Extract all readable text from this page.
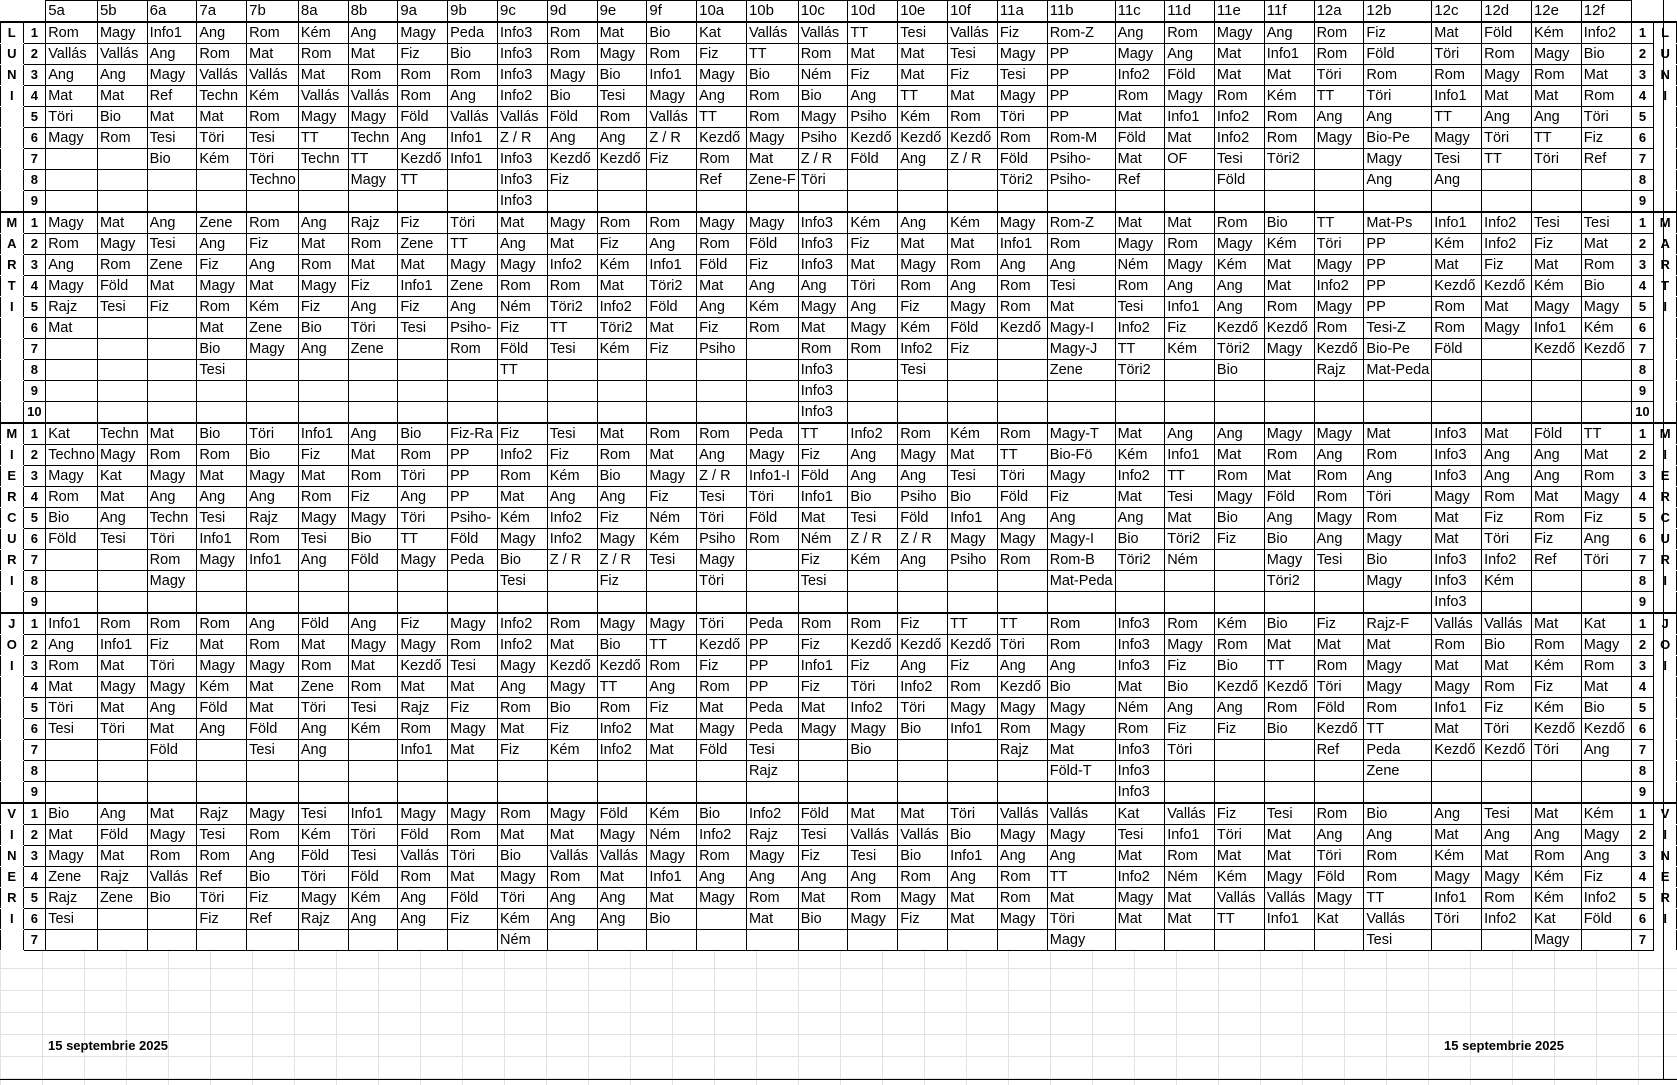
		5a	5b	6a	7a	7b	8a	8b	9a	9b	9c	9d	9e	9f	10a	10b	10c	10d	10e	10f	11a	11b	11c	11d	11e	11f	12a	12b	12c	12d	12e	12f		
L	1	Rom	Magy	Info1	Ang	Rom	Kém	Ang	Magy	Peda	Info3	Rom	Mat	Bio	Kat	Vallás	Vallás	TT	Tesi	Vallás	Fiz	Rom-Z	Ang	Rom	Magy	Ang	Rom	Fiz	Mat	Föld	Kém	Info2	1	L
U	2	Vallás	Vallás	Ang	Rom	Mat	Rom	Mat	Fiz	Bio	Info3	Rom	Magy	Rom	Fiz	TT	Rom	Mat	Mat	Tesi	Magy	PP	Magy	Ang	Mat	Info1	Rom	Föld	Töri	Rom	Magy	Bio	2	U
N	3	Ang	Ang	Magy	Vallás	Vallás	Mat	Rom	Rom	Rom	Info3	Magy	Bio	Info1	Magy	Bio	Ném	Fiz	Mat	Fiz	Tesi	PP	Info2	Föld	Mat	Mat	Töri	Rom	Rom	Magy	Rom	Mat	3	N
I	4	Mat	Mat	Ref	Techn	Kém	Vallás	Vallás	Rom	Ang	Info2	Bio	Tesi	Magy	Ang	Rom	Bio	Ang	TT	Mat	Magy	PP	Rom	Magy	Rom	Kém	TT	Töri	Info1	Mat	Mat	Rom	4	I
	5	Töri	Bio	Mat	Mat	Rom	Magy	Magy	Föld	Vallás	Vallás	Föld	Rom	Vallás	TT	Rom	Magy	Psiho	Kém	Rom	Töri	PP	Mat	Info1	Info2	Rom	Ang	Ang	TT	Ang	Ang	Töri	5	
	6	Magy	Rom	Tesi	Töri	Tesi	TT	Techn	Ang	Info1	Z / R	Ang	Ang	Z / R	Kezdő	Magy	Psiho	Kezdő	Kezdő	Kezdő	Rom	Rom-M	Föld	Mat	Info2	Rom	Magy	Bio-Pe	Magy	Töri	TT	Fiz	6	
	7			Bio	Kém	Töri	Techn	TT	Kezdő	Info1	Info3	Kezdő	Kezdő	Fiz	Rom	Mat	Z / R	Föld	Ang	Z / R	Föld	Psiho-	Mat	OF	Tesi	Töri2		Magy	Tesi	TT	Töri	Ref	7	
	8					Techno		Magy	TT		Info3	Fiz			Ref	Zene-F	Töri				Töri2	Psiho-	Ref		Föld			Ang	Ang				8	
	9										Info3																						9	
M	1	Magy	Mat	Ang	Zene	Rom	Ang	Rajz	Fiz	Töri	Mat	Magy	Rom	Rom	Magy	Magy	Info3	Kém	Ang	Kém	Magy	Rom-Z	Mat	Mat	Rom	Bio	TT	Mat-Ps	Info1	Info2	Tesi	Tesi	1	M
A	2	Rom	Magy	Tesi	Ang	Fiz	Mat	Rom	Zene	TT	Ang	Mat	Fiz	Ang	Rom	Föld	Info3	Fiz	Mat	Mat	Info1	Rom	Magy	Rom	Magy	Kém	Töri	PP	Kém	Info2	Fiz	Mat	2	A
R	3	Ang	Rom	Zene	Fiz	Ang	Rom	Mat	Mat	Magy	Magy	Info2	Kém	Info1	Föld	Fiz	Info3	Mat	Magy	Rom	Ang	Ang	Ném	Magy	Kém	Mat	Magy	PP	Mat	Fiz	Mat	Rom	3	R
T	4	Magy	Föld	Mat	Magy	Mat	Magy	Fiz	Info1	Zene	Rom	Rom	Mat	Töri2	Mat	Ang	Ang	Töri	Rom	Ang	Rom	Tesi	Rom	Ang	Ang	Mat	Info2	PP	Kezdő	Kezdő	Kém	Bio	4	T
I	5	Rajz	Tesi	Fiz	Rom	Kém	Fiz	Ang	Fiz	Ang	Ném	Töri2	Info2	Föld	Ang	Kém	Magy	Ang	Fiz	Magy	Rom	Mat	Tesi	Info1	Ang	Rom	Magy	PP	Rom	Mat	Magy	Magy	5	I
	6	Mat			Mat	Zene	Bio	Töri	Tesi	Psiho-	Fiz	TT	Töri2	Mat	Fiz	Rom	Mat	Magy	Kém	Föld	Kezdő	Magy-I	Info2	Fiz	Kezdő	Kezdő	Rom	Tesi-Z	Rom	Magy	Info1	Kém	6	
	7				Bio	Magy	Ang	Zene		Rom	Föld	Tesi	Kém	Fiz	Psiho		Rom	Rom	Info2	Fiz		Magy-J	TT	Kém	Töri2	Magy	Kezdő	Bio-Pe	Föld		Kezdő	Kezdő	7	
	8				Tesi						TT						Info3		Tesi			Zene	Töri2		Bio		Rajz	Mat-Peda					8	
	9																Info3																9	
	10																Info3																10	
M	1	Kat	Techn	Mat	Bio	Töri	Info1	Ang	Bio	Fiz-Ra	Fiz	Tesi	Mat	Rom	Rom	Peda	TT	Info2	Rom	Kém	Rom	Magy-T	Mat	Ang	Ang	Magy	Magy	Mat	Info3	Mat	Föld	TT	1	M
I	2	Techno	Magy	Rom	Rom	Bio	Fiz	Mat	Rom	PP	Info2	Fiz	Rom	Mat	Ang	Magy	Fiz	Ang	Magy	Mat	TT	Bio-Fö	Kém	Info1	Mat	Rom	Ang	Rom	Info3	Ang	Ang	Mat	2	I
E	3	Magy	Kat	Magy	Mat	Magy	Mat	Rom	Töri	PP	Rom	Kém	Bio	Magy	Z / R	Info1-I	Föld	Ang	Ang	Tesi	Töri	Magy	Info2	TT	Rom	Mat	Rom	Ang	Info3	Ang	Ang	Rom	3	E
R	4	Rom	Mat	Ang	Ang	Ang	Rom	Fiz	Ang	PP	Mat	Ang	Ang	Fiz	Tesi	Töri	Info1	Bio	Psiho	Bio	Föld	Fiz	Mat	Tesi	Magy	Föld	Rom	Töri	Magy	Rom	Mat	Magy	4	R
C	5	Bio	Ang	Techn	Tesi	Rajz	Magy	Magy	Töri	Psiho-	Kém	Info2	Fiz	Ném	Töri	Föld	Mat	Tesi	Föld	Info1	Ang	Ang	Ang	Mat	Bio	Ang	Magy	Rom	Mat	Fiz	Rom	Fiz	5	C
U	6	Föld	Tesi	Töri	Info1	Rom	Tesi	Bio	TT	Föld	Magy	Info2	Magy	Kém	Psiho	Rom	Ném	Z / R	Z / R	Magy	Magy	Magy-I	Bio	Töri2	Fiz	Bio	Ang	Magy	Mat	Töri	Fiz	Ang	6	U
R	7			Rom	Magy	Info1	Ang	Föld	Magy	Peda	Bio	Z / R	Z / R	Tesi	Magy		Fiz	Kém	Ang	Psiho	Rom	Rom-B	Töri2	Ném		Magy	Tesi	Bio	Info3	Info2	Ref	Töri	7	R
I	8			Magy							Tesi		Fiz		Töri		Tesi					Mat-Peda				Töri2		Magy	Info3	Kém			8	I
	9																												Info3				9	
J	1	Info1	Rom	Rom	Rom	Ang	Föld	Ang	Fiz	Magy	Info2	Rom	Magy	Magy	Töri	Peda	Rom	Rom	Fiz	TT	TT	Rom	Info3	Rom	Kém	Bio	Fiz	Rajz-F	Vallás	Vallás	Mat	Kat	1	J
O	2	Ang	Info1	Fiz	Mat	Rom	Mat	Magy	Magy	Rom	Info2	Mat	Bio	TT	Kezdő	PP	Fiz	Kezdő	Kezdő	Kezdő	Töri	Rom	Info3	Magy	Rom	Mat	Mat	Mat	Rom	Bio	Rom	Magy	2	O
I	3	Rom	Mat	Töri	Magy	Magy	Rom	Mat	Kezdő	Tesi	Magy	Kezdő	Kezdő	Rom	Fiz	PP	Info1	Fiz	Ang	Fiz	Ang	Ang	Info3	Fiz	Bio	TT	Rom	Magy	Mat	Mat	Kém	Rom	3	I
	4	Mat	Magy	Magy	Kém	Mat	Zene	Rom	Mat	Mat	Ang	Magy	TT	Ang	Rom	PP	Fiz	Töri	Info2	Rom	Kezdő	Bio	Mat	Bio	Kezdő	Kezdő	Töri	Magy	Magy	Rom	Fiz	Mat	4	
	5	Töri	Mat	Ang	Föld	Mat	Töri	Tesi	Rajz	Fiz	Rom	Bio	Rom	Fiz	Mat	Peda	Mat	Info2	Töri	Magy	Magy	Magy	Ném	Ang	Ang	Rom	Föld	Rom	Info1	Fiz	Kém	Bio	5	
	6	Tesi	Töri	Mat	Ang	Föld	Ang	Kém	Rom	Magy	Mat	Fiz	Info2	Mat	Magy	Peda	Magy	Magy	Bio	Info1	Rom	Magy	Rom	Fiz	Fiz	Bio	Kezdő	TT	Mat	Töri	Kezdő	Kezdő	6	
	7			Föld		Tesi	Ang		Info1	Mat	Fiz	Kém	Info2	Mat	Föld	Tesi		Bio			Rajz	Mat	Info3	Töri			Ref	Peda	Kezdő	Kezdő	Töri	Ang	7	
	8															Rajz						Föld-T	Info3					Zene					8	
	9																						Info3										9	
V	1	Bio	Ang	Mat	Rajz	Magy	Tesi	Info1	Magy	Magy	Rom	Magy	Föld	Kém	Bio	Info2	Föld	Mat	Mat	Töri	Vallás	Vallás	Kat	Vallás	Fiz	Tesi	Rom	Bio	Ang	Tesi	Mat	Kém	1	V
I	2	Mat	Föld	Magy	Tesi	Rom	Kém	Töri	Föld	Rom	Mat	Mat	Magy	Ném	Info2	Rajz	Tesi	Vallás	Vallás	Bio	Magy	Magy	Tesi	Info1	Töri	Mat	Ang	Ang	Mat	Ang	Ang	Magy	2	I
N	3	Magy	Mat	Rom	Rom	Ang	Föld	Tesi	Vallás	Töri	Bio	Vallás	Vallás	Magy	Rom	Magy	Fiz	Tesi	Bio	Info1	Ang	Ang	Mat	Rom	Mat	Mat	Töri	Rom	Kém	Mat	Rom	Ang	3	N
E	4	Zene	Rajz	Vallás	Ref	Bio	Töri	Föld	Rom	Mat	Magy	Rom	Mat	Info1	Ang	Ang	Ang	Ang	Rom	Ang	Rom	TT	Info2	Ném	Kém	Magy	Föld	Rom	Magy	Magy	Kém	Fiz	4	E
R	5	Rajz	Zene	Bio	Töri	Fiz	Magy	Kém	Ang	Föld	Töri	Ang	Ang	Mat	Magy	Rom	Mat	Rom	Magy	Mat	Rom	Mat	Magy	Mat	Vallás	Vallás	Magy	TT	Info1	Rom	Kém	Info2	5	R
I	6	Tesi			Fiz	Ref	Rajz	Ang	Ang	Fiz	Kém	Ang	Ang	Bio		Mat	Bio	Magy	Fiz	Mat	Magy	Töri	Mat	Mat	TT	Info1	Kat	Vallás	Töri	Info2	Kat	Föld	6	I
	7										Ném											Magy						Tesi			Magy		7	
15 septembrie 2025	15 septembrie 2025
